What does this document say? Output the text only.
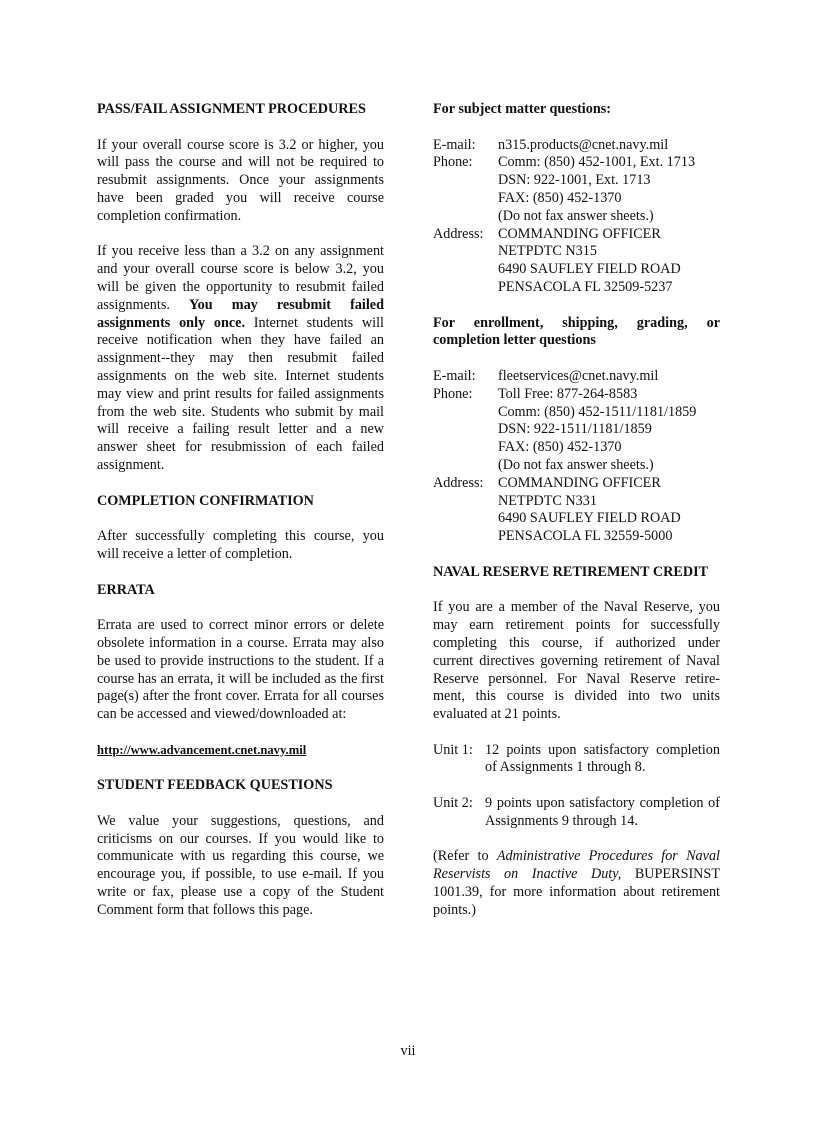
PASS/FAIL ASSIGNMENT PROCEDURES

If your overall course score is 3.2 or higher, you will pass the course and will not be required to resubmit assignments. Once your assignments have been graded you will receive course completion confirmation.

If you receive less than a 3.2 on any assignment and your overall course score is below 3.2, you will be given the opportunity to resubmit failed assignments. You may resubmit failed assignments only once. Internet students will receive notification when they have failed an assignment--they may then resubmit failed assignments on the web site. Internet students may view and print results for failed assignments from the web site. Students who submit by mail will receive a failing result letter and a new answer sheet for resubmission of each failed assignment.

COMPLETION CONFIRMATION

After successfully completing this course, you will receive a letter of completion.

ERRATA

Errata are used to correct minor errors or delete obsolete information in a course. Errata may also be used to provide instructions to the student. If a course has an errata, it will be included as the first page(s) after the front cover. Errata for all courses can be accessed and viewed/downloaded at:

http://www.advancement.cnet.navy.mil
STUDENT FEEDBACK QUESTIONS

We value your suggestions, questions, and criticisms on our courses. If you would like to communicate with us regarding this course, we encourage you, if possible, to use e-mail. If you write or fax, please use a copy of the Student Comment form that follows this page.

For subject matter questions:
E-mail:	n315.products@cnet.navy.mil
Phone:	Comm: (850) 452-1001, Ext. 1713
DSN: 922-1001, Ext. 1713
FAX: (850) 452-1370
(Do not fax answer sheets.)
Address:	COMMANDING OFFICER
NETPDTC N315
6490 SAUFLEY FIELD ROAD
PENSACOLA FL 32509-5237
For enrollment, shipping, grading, or completion letter questions
E-mail:	fleetservices@cnet.navy.mil
Phone:	Toll Free: 877-264-8583
Comm: (850) 452-1511/1181/1859
DSN: 922-1511/1181/1859
FAX: (850) 452-1370
(Do not fax answer sheets.)
Address:	COMMANDING OFFICER
NETPDTC N331
6490 SAUFLEY FIELD ROAD
PENSACOLA FL 32559-5000
NAVAL RESERVE RETIREMENT CREDIT

If you are a member of the Naval Reserve, you may earn retirement points for successfully completing this course, if authorized under current directives governing retirement of Naval Reserve personnel. For Naval Reserve retire-ment, this course is divided into two units evaluated at 21 points.

Unit 1: 12 points upon satisfactory completion of Assignments 1 through 8.
Unit 2: 9 points upon satisfactory completion of Assignments 9 through 14.

(Refer to Administrative Procedures for Naval Reservists on Inactive Duty, BUPERSINST 1001.39, for more information about retirement points.)

vii
